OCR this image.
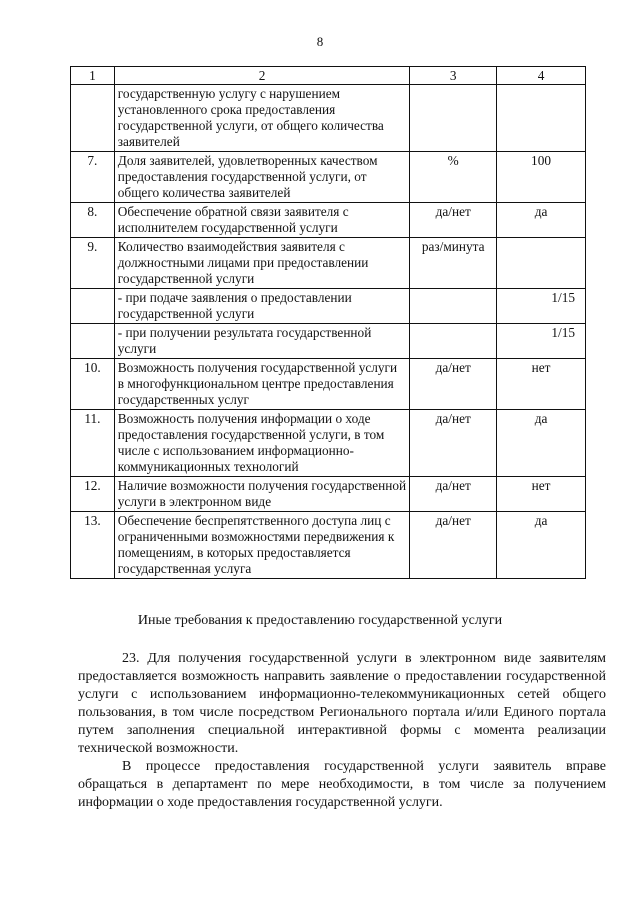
8
1	2	3	4
	государственную услугу с нарушением установленного срока предоставления государственной услуги, от общего количества заявителей		
7.	Доля заявителей, удовлетворенных качеством предоставления государственной услуги, от общего количества заявителей	%	100
8.	Обеспечение обратной связи заявителя с исполнителем государственной услуги	да/нет	да
9.	Количество взаимодействия заявителя с должностными лицами при предоставлении государственной услуги	раз/минута	
	- при подаче заявления о предоставлении государственной услуги		1/15
	- при получении результата государственной услуги		1/15
10.	Возможность получения государственной услуги в многофункциональном центре предоставления государственных услуг	да/нет	нет
11.	Возможность получения информации о ходе предоставления государственной услуги, в том числе с использованием информационно-коммуникационных технологий	да/нет	да
12.	Наличие возможности получения государственной услуги в электронном виде	да/нет	нет
13.	Обеспечение беспрепятственного доступа лиц с ограниченными возможностями передвижения к помещениям, в которых предоставляется государственная услуга	да/нет	да
Иные требования к предоставлению государственной услуги
23. Для получения государственной услуги в электронном виде заявителям предоставляется возможность направить заявление о предоставлении государственной услуги с использованием информационно-телекоммуникационных сетей общего пользования, в том числе посредством Регионального портала и/или Единого портала путем заполнения специальной интерактивной формы с момента реализации технической возможности.
В процессе предоставления государственной услуги заявитель вправе обращаться в департамент по мере необходимости, в том числе за получением информации о ходе предоставления государственной услуги.
